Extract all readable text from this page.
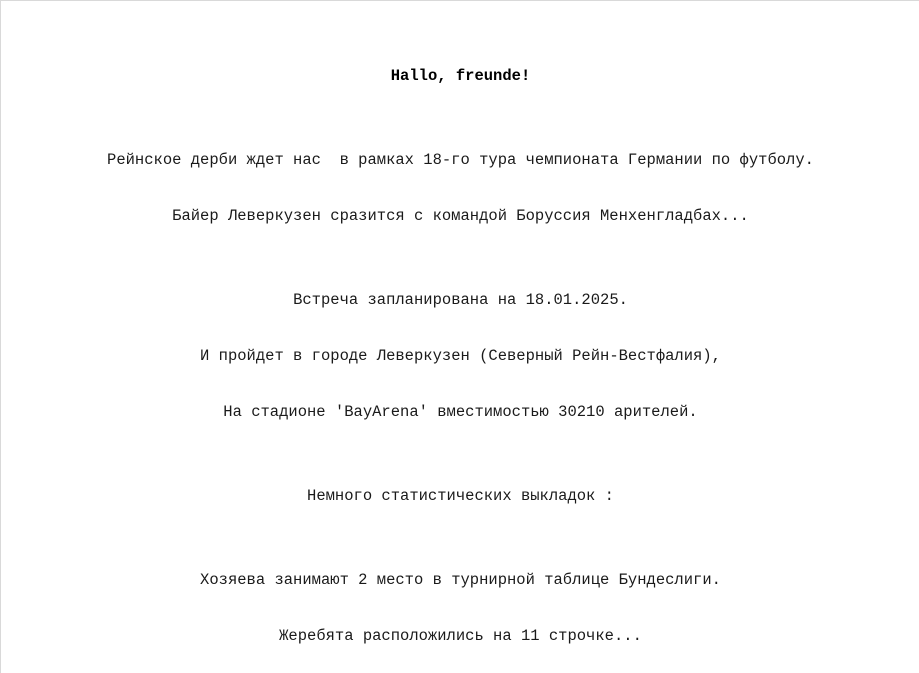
Hallo, freunde!
Рейнское дерби ждет нас  в рамках 18-го тура чемпионата Германии по футболу.
Байер Леверкузен сразится с командой Боруссия Менхенгладбах...
Встреча запланирована на 18.01.2025.
И пройдет в городе Леверкузен (Северный Рейн-Вестфалия),
На стадионе 'BayArena' вместимостью 30210 арителей.
Немного статистических выкладок :
Хозяева занимают 2 место в турнирной таблице Бундеслиги.
Жеребята расположились на 11 строчке...
